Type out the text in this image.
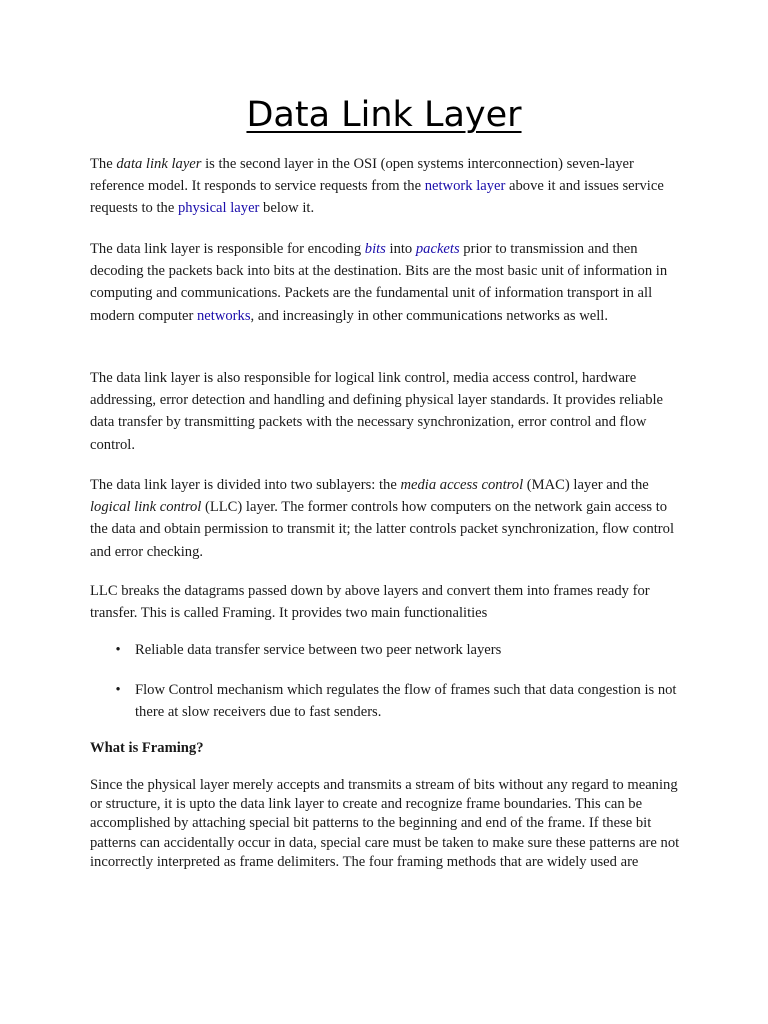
Data Link Layer

The data link layer is the second layer in the OSI (open systems interconnection) seven-layer reference model. It responds to service requests from the network layer above it and issues service requests to the physical layer below it.

The data link layer is responsible for encoding bits into packets prior to transmission and then decoding the packets back into bits at the destination. Bits are the most basic unit of information in computing and communications. Packets are the fundamental unit of information transport in all modern computer networks, and increasingly in other communications networks as well.

The data link layer is also responsible for logical link control, media access control, hardware addressing, error detection and handling and defining physical layer standards. It provides reliable data transfer by transmitting packets with the necessary synchronization, error control and flow control.

The data link layer is divided into two sublayers: the media access control (MAC) layer and the logical link control (LLC) layer. The former controls how computers on the network gain access to the data and obtain permission to transmit it; the latter controls packet synchronization, flow control and error checking.

LLC breaks the datagrams passed down by above layers and convert them into frames ready for transfer. This is called Framing. It provides two main functionalities

• Reliable data transfer service between two peer network layers
• Flow Control mechanism which regulates the flow of frames such that data congestion is not there at slow receivers due to fast senders.
What is Framing?

Since the physical layer merely accepts and transmits a stream of bits without any regard to meaning or structure, it is upto the data link layer to create and recognize frame boundaries. This can be accomplished by attaching special bit patterns to the beginning and end of the frame. If these bit patterns can accidentally occur in data, special care must be taken to make sure these patterns are not incorrectly interpreted as frame delimiters. The four framing methods that are widely used are
